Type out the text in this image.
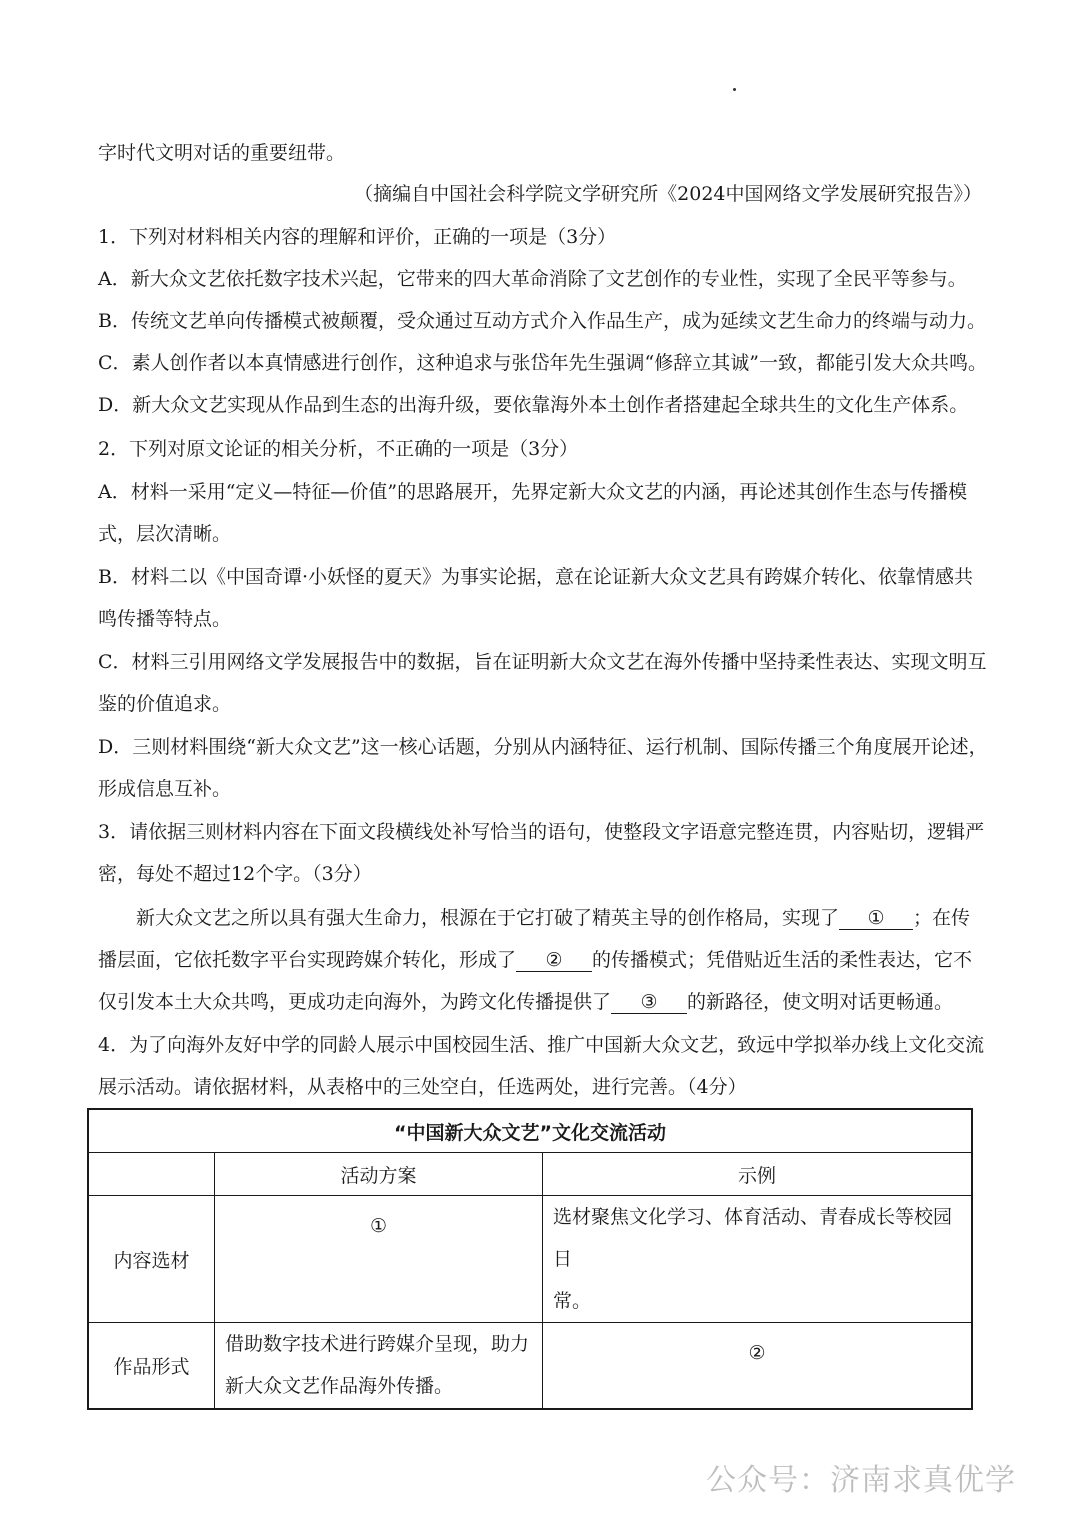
字时代文明对话的重要纽带。
（摘编自中国社会科学院文学研究所《2024中国网络文学发展研究报告》）
1．下列对材料相关内容的理解和评价，正确的一项是（3分）
A．新大众文艺依托数字技术兴起，它带来的四大革命消除了文艺创作的专业性，实现了全民平等参与。
B．传统文艺单向传播模式被颠覆，受众通过互动方式介入作品生产，成为延续文艺生命力的终端与动力。
C．素人创作者以本真情感进行创作，这种追求与张岱年先生强调“修辞立其诚”一致，都能引发大众共鸣。
D．新大众文艺实现从作品到生态的出海升级，要依靠海外本土创作者搭建起全球共生的文化生产体系。
2．下列对原文论证的相关分析，不正确的一项是（3分）
A．材料一采用“定义—特征—价值”的思路展开，先界定新大众文艺的内涵，再论述其创作生态与传播模
式，层次清晰。
B．材料二以《中国奇谭·小妖怪的夏天》为事实论据，意在论证新大众文艺具有跨媒介转化、依靠情感共
鸣传播等特点。
C．材料三引用网络文学发展报告中的数据，旨在证明新大众文艺在海外传播中坚持柔性表达、实现文明互
鉴的价值追求。
D．三则材料围绕“新大众文艺”这一核心话题，分别从内涵特征、运行机制、国际传播三个角度展开论述，
形成信息互补。
3．请依据三则材料内容在下面文段横线处补写恰当的语句，使整段文字语意完整连贯，内容贴切，逻辑严
密，每处不超过12个字。（3分）
新大众文艺之所以具有强大生命力，根源在于它打破了精英主导的创作格局，实现了 ① ；在传
播层面，它依托数字平台实现跨媒介转化，形成了 ② 的传播模式；凭借贴近生活的柔性表达，它不
仅引发本土大众共鸣，更成功走向海外，为跨文化传播提供了 ③ 的新路径，使文明对话更畅通。
4．为了向海外友好中学的同龄人展示中国校园生活、推广中国新大众文艺，致远中学拟举办线上文化交流
展示活动。请依据材料，从表格中的三处空白，任选两处，进行完善。（4分）
“中国新大众文艺”文化交流活动		
	活动方案	示例
内容选材	①	选材聚焦文化学习、体育活动、青春成长等校园日
常。

作品形式	借助数字技术进行跨媒介呈现，助力
新大众文艺作品海外传播。	②
公众号：济南求真优学
